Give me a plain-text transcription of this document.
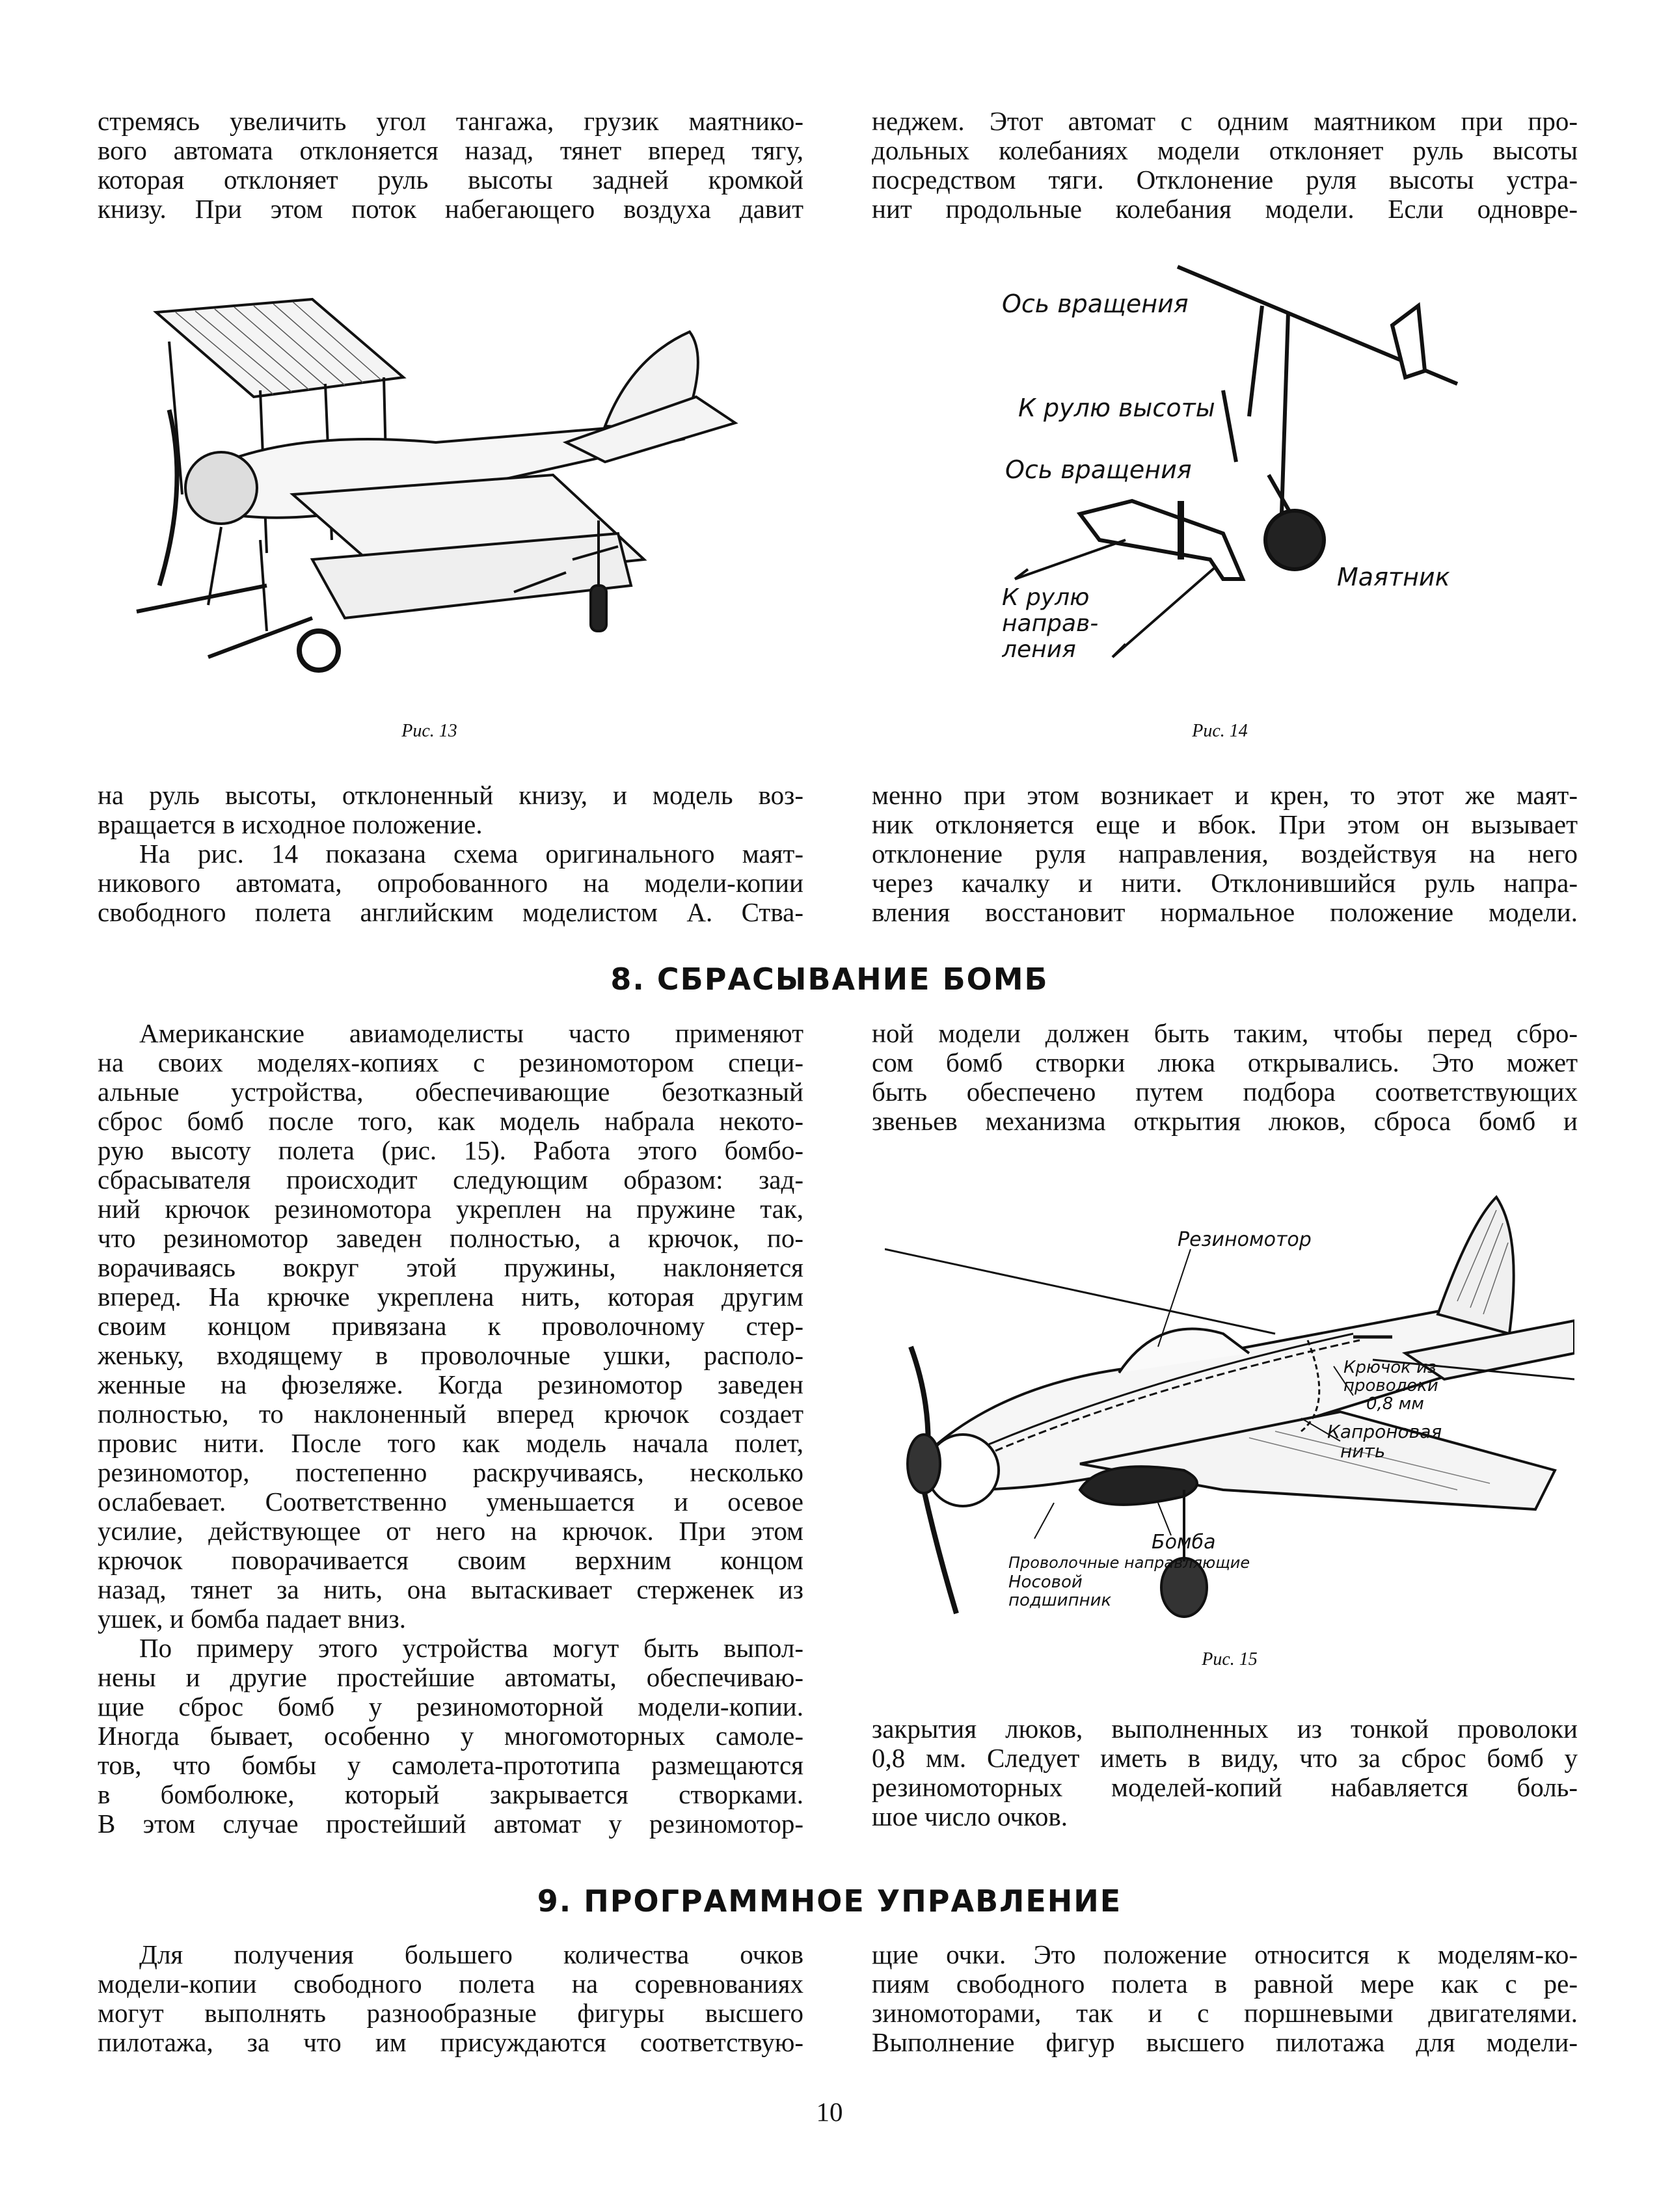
стремясь увеличить угол тангажа, грузик маятнико-

вого автомата отклоняется назад, тянет вперед тягу,

которая отклоняет руль высоты задней кромкой

книзу. При этом поток набегающего воздуха давит

неджем. Этот автомат с одним маятником при про-

дольных колебаниях модели отклоняет руль высоты

посредством тяги. Отклонение руля высоты устра-

нит продольные колебания модели. Если одновре-

Рис. 13
Ось вращения
К рулю высоты
Ось вращения
Маятник
К рулю
направ-
ления
Рис. 14

на руль высоты, отклоненный книзу, и модель воз-

вращается в исходное положение.

На рис. 14 показана схема оригинального маят-

никового автомата, опробованного на модели-копии

свободного полета английским моделистом А. Ства-

менно при этом возникает и крен, то этот же маят-

ник отклоняется еще и вбок. При этом он вызывает

отклонение руля направления, воздействуя на него

через качалку и нити. Отклонившийся руль напра-

вления восстановит нормальное положение модели.

8. СБРАСЫВАНИЕ БОМБ

Американские авиамоделисты часто применяют

на своих моделях-копиях с резиномотором специ-

альные устройства, обеспечивающие безотказный

сброс бомб после того, как модель набрала некото-

рую высоту полета (рис. 15). Работа этого бомбо-

сбрасывателя происходит следующим образом: зад-

ний крючок резиномотора укреплен на пружине так,

что резиномотор заведен полностью, а крючок, по-

ворачиваясь вокруг этой пружины, наклоняется

вперед. На крючке укреплена нить, которая другим

своим концом привязана к проволочному стер-

женьку, входящему в проволочные ушки, располо-

женные на фюзеляже. Когда резиномотор заведен

полностью, то наклоненный вперед крючок создает

провис нити. После того как модель начала полет,

резиномотор, постепенно раскручиваясь, несколько

ослабевает. Соответственно уменьшается и осевое

усилие, действующее от него на крючок. При этом

крючок поворачивается своим верхним концом

назад, тянет за нить, она вытаскивает стерженек из

ушек, и бомба падает вниз.

По примеру этого устройства могут быть выпол-

нены и другие простейшие автоматы, обеспечиваю-

щие сброс бомб у резиномоторной модели-копии.

Иногда бывает, особенно у многомоторных самоле-

тов, что бомбы у самолета-прототипа размещаются

в бомболюке, который закрывается створками.

В этом случае простейший автомат у резиномотор-

ной модели должен быть таким, чтобы перед сбро-

сом бомб створки люка открывались. Это может

быть обеспечено путем подбора соответствующих

звеньев механизма открытия люков, сброса бомб и

Резиномотор
Крючок из
проволоки
0,8 мм
Капроновая
нить
Бомба
Проволочные направляющие
Носовой
подшипник
Рис. 15

закрытия люков, выполненных из тонкой проволоки

0,8 мм. Следует иметь в виду, что за сброс бомб у

резиномоторных моделей-копий набавляется боль-

шое число очков.

9. ПРОГРАММНОЕ УПРАВЛЕНИЕ

Для получения большего количества очков

модели-копии свободного полета на соревнованиях

могут выполнять разнообразные фигуры высшего

пилотажа, за что им присуждаются соответствую-

щие очки. Это положение относится к моделям-ко-

пиям свободного полета в равной мере как с ре-

зиномоторами, так и с поршневыми двигателями.

Выполнение фигур высшего пилотажа для модели-

10
